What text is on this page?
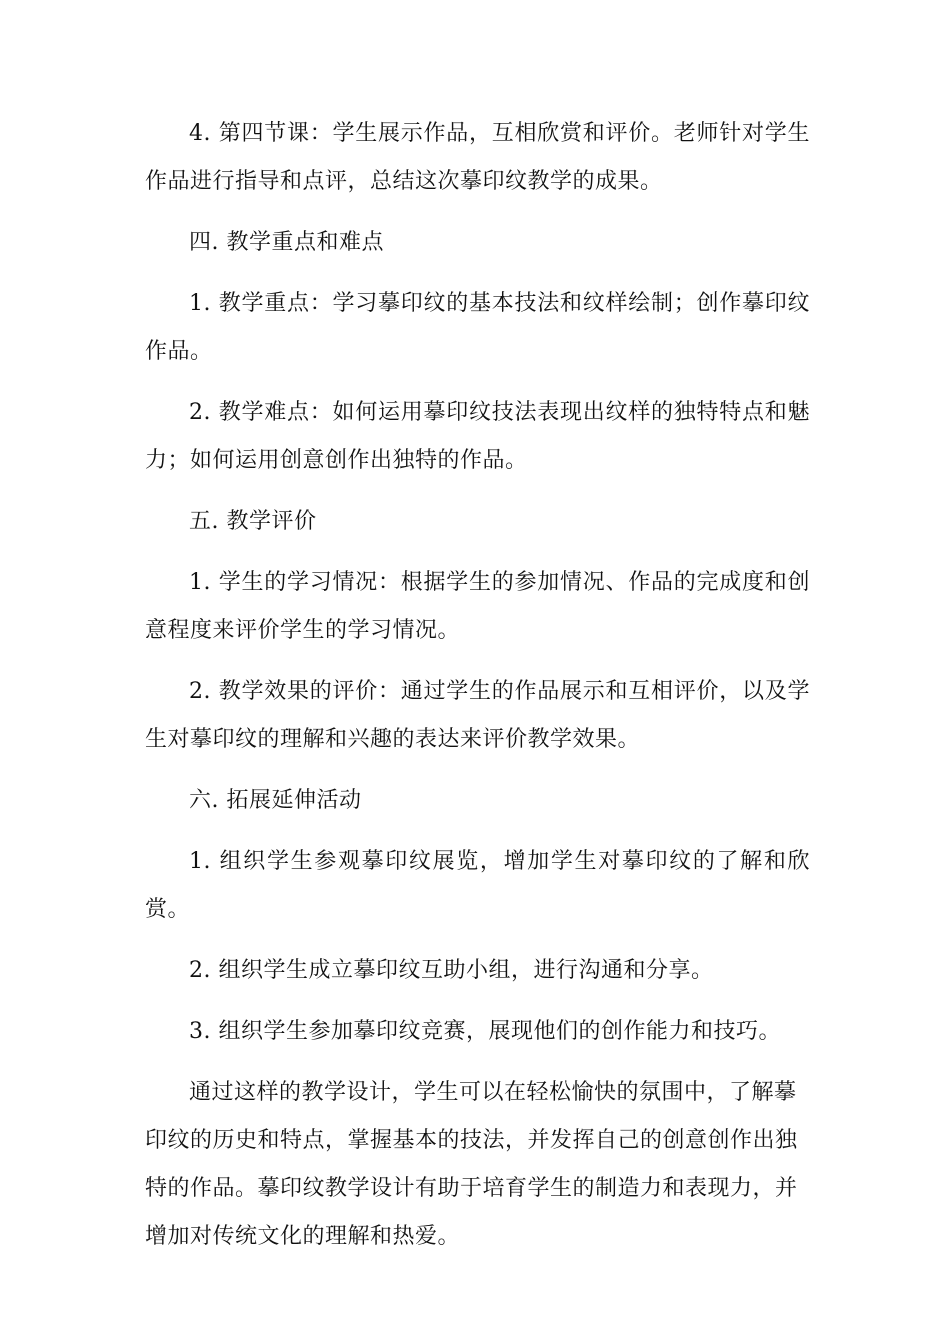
4. 第四节课：学生展示作品，互相欣赏和评价。老师针对学生作品进行指导和点评，总结这次摹印纹教学的成果。

四. 教学重点和难点

1. 教学重点：学习摹印纹的基本技法和纹样绘制；创作摹印纹作品。

2. 教学难点：如何运用摹印纹技法表现出纹样的独特特点和魅力；如何运用创意创作出独特的作品。

五. 教学评价

1. 学生的学习情况：根据学生的参加情况、作品的完成度和创意程度来评价学生的学习情况。

2. 教学效果的评价：通过学生的作品展示和互相评价，以及学生对摹印纹的理解和兴趣的表达来评价教学效果。

六. 拓展延伸活动

1. 组织学生参观摹印纹展览，增加学生对摹印纹的了解和欣赏。

2. 组织学生成立摹印纹互助小组，进行沟通和分享。

3. 组织学生参加摹印纹竞赛，展现他们的创作能力和技巧。

通过这样的教学设计，学生可以在轻松愉快的氛围中，了解摹印纹的历史和特点，掌握基本的技法，并发挥自己的创意创作出独特的作品。摹印纹教学设计有助于培育学生的制造力和表现力，并增加对传统文化的理解和热爱。
